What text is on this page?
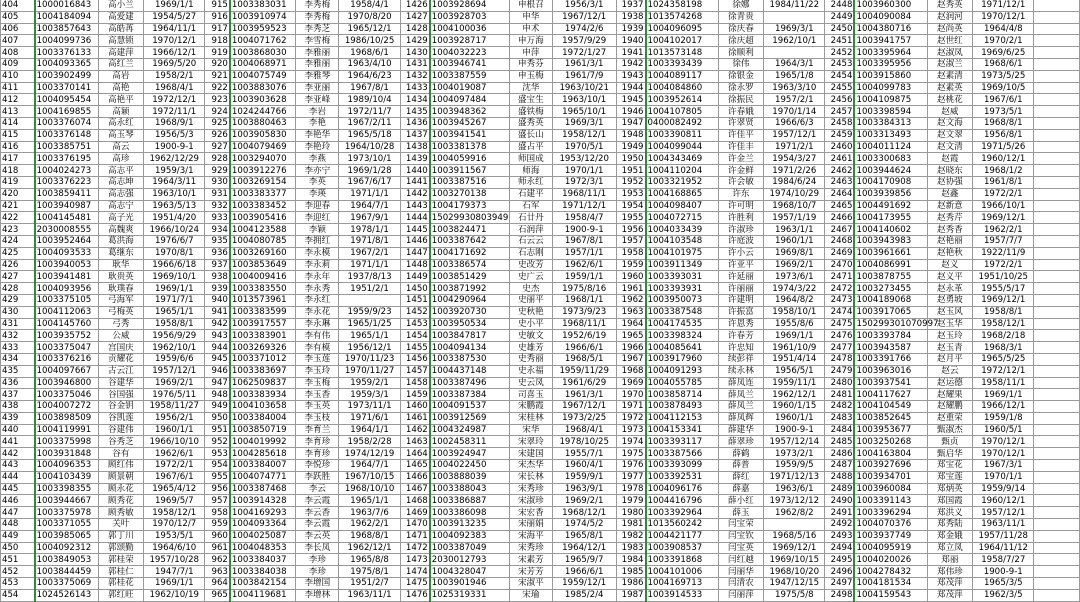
404	1000016843	高小兰	1969/1/1	915	1003383031	李秀梅	1958/4/1	1426	1003928694	申根召	1956/3/1	1937	1024358198	徐娜	1984/11/22	2448	1003960300	赵秀英	1971/12/1	
405	1004184094	高爱建	1954/5/27	916	1003910974	李秀梅	1970/8/20	1427	1003928703	申华	1967/12/1	1938	1013574268	徐青贵		2449	1004090084	赵润河	1970/12/1	
406	1003857643	高皓苒	1964/11/1	917	1003959523	李秀芝	1965/12/1	1428	1004100036	申术	1974/2/6	1939	1004096095	徐庆春	1969/3/1	2450	1004380716	赵尚英	1964/4/8	
407	1004099736	高慧锁	1970/12/1	918	1004071762	李雪梅	1986/10/25	1429	1003928717	申万海	1957/9/29	1940	1004102017	徐庆超	1962/10/1	2451	1003941757	赵世红	1970/2/1	
408	1003376133	高建萍	1966/12/1	919	1003868030	李雅丽	1968/6/1	1430	1004032223	申萍	1972/1/27	1941	1013573148	徐顺利		2452	1003395964	赵淑凤	1969/6/25	
409	1004093365	高红兰	1969/5/20	920	1004068971	李雅丽	1963/4/10	1431	1003946741	申秀芬	1961/3/1	1942	1003393439	徐伟	1964/3/1	2453	1003395956	赵淑兰	1968/6/1	
410	1003902499	高岩	1958/2/1	921	1004075749	李雅琴	1964/6/23	1432	1003387559	申玉梅	1961/7/9	1943	1004089117	徐银金	1965/1/8	2454	1003915860	赵素清	1973/5/25	
411	1003370141	高艳	1968/4/1	922	1003883076	李亚丽	1967/8/1	1433	1004019087	沈华	1963/10/21	1944	1004084860	徐永罗	1963/3/10	2455	1004099783	赵素英	1969/10/5	
412	1004095454	高艳平	1972/12/1	923	1003903628	李亚峰	1989/10/4	1434	1004097484	盛宝生	1963/10/1	1945	1003952614	徐振民	1957/2/1	2456	1004109875	赵桃花	1967/6/1	
413	1004169855	高颖	1972/11/1	924	1024244766	李岩	1972/11/7	1435	1003948362	盛铁梅	1965/10/1	1946	1004107805	许春娥	1970/1/14	2457	1003398594	赵威	1973/5/1	
414	1003376074	高永红	1968/9/1	925	1003880463	李艳	1967/2/11	1436	1003945267	盛秀英	1969/3/1	1947	0400082492	许翠贤	1966/6/3	2458	1003384313	赵文海	1968/8/1	
415	1003376148	高玉琴	1956/5/3	926	1003905830	李艳华	1965/5/18	1437	1003941541	盛长山	1958/12/1	1948	1003390811	许佳平	1957/12/1	2459	1003313493	赵文翠	1956/8/1	
416	1003385751	高云	1900-9-1	927	1004079469	李艳玲	1964/10/28	1438	1003381378	盛占平	1970/5/1	1949	1004099044	许佳丰	1971/2/1	2460	1004011124	赵文清	1971/5/26	
417	1003376195	高珍	1962/12/29	928	1003294070	李燕	1973/10/1	1439	1004059916	师国成	1953/12/20	1950	1004343469	许金兰	1954/3/27	2461	1003300683	赵霞	1960/12/1	
418	1004024273	高志平	1959/3/1	929	1003912276	李亦宁	1969/1/28	1440	1003911567	师海	1970/1/1	1951	1004110204	许金鲜	1971/2/26	2462	1003944624	赵晓东	1968/1/2	
419	1003376223	高志坤	1964/3/11	930	1003269154	李英	1967/6/17	1441	1003387516	师永红	1972/3/1	1952	1003321952	许会敏	1984/6/24	2463	1004170908	赵协强	1961/8/1	
420	1003859411	高志强	1963/10/1	931	1003383377	李瑛	1971/1/1	1442	1003270138	石建平	1968/11/1	1953	1004168865	许东	1974/10/29	2464	1003939856	赵鑫	1972/2/1	
421	1003940987	高志宁	1963/5/13	932	1003383452	李迎春	1964/7/1	1443	1004179373	石军	1971/12/1	1954	1004098407	许可明	1968/10/7	2465	1004491692	赵新意	1966/10/1	
422	1004145481	高子光	1951/4/20	933	1003905416	李迎红	1967/9/1	1444	15029930803949	石廿丹	1958/4/7	1955	1004072715	许胜利	1957/1/19	2466	1004173955	赵秀芹	1969/12/1	
423	2030008555	高魏爽	1966/10/24	934	1004123588	李颖	1978/1/1	1445	1003824471	石润萍	1900-9-1	1956	1004033439	许淑珍	1963/1/1	2467	1004140602	赵秀香	1962/2/1	
424	1003952464	葛洪海	1976/6/7	935	1004080785	李拥红	1971/8/1	1446	1003387642	石云云	1967/8/1	1957	1004103548	许庭波	1960/1/1	2468	1003943983	赵艳丽	1957/7/7	
425	1004093533	葛继东	1970/8/1	936	1003269160	李永模	1967/2/1	1447	1004171692	石志刚	1957/1/1	1958	1004101975	许小云	1969/8/1	2469	1003961661	赵艳秋	1922/11/9	
426	1003940053	耿华	1966/6/18	937	1003853649	李永莉	1971/1/1	1448	1003386574	史改芳	1962/6/1	1959	1003911349	许亚平	1969/2/1	2470	1004086991	赵义	1972/2/1	
427	1003941481	耿贵英	1969/10/1	938	1004009416	李永年	1937/8/13	1449	1003851429	史广云	1959/1/1	1960	1003393031	许延丽	1973/6/1	2471	1003878755	赵义平	1951/10/25	
428	1004093956	耿璞春	1969/1/1	939	1003383550	李永秀	1951/2/1	1450	1003871992	史杰	1975/8/16	1961	1003393931	许丽丽	1974/3/22	2472	1003273455	赵永革	1955/5/17	
429	1003375105	弓海军	1971/7/1	940	1013573961	李永红		1451	1004290964	史丽平	1968/1/1	1962	1003950073	许建明	1964/8/2	2473	1004189068	赵勇坡	1969/12/1	
430	1004112063	弓梅英	1965/1/1	941	1003383599	李永花	1959/9/23	1452	1003920730	史秋艳	1973/9/23	1963	1003387548	许振富	1958/10/1	2474	1003917065	赵玉风	1958/8/1	
431	1004145760	弓秀	1958/8/1	942	1003917557	李永琳	1965/1/25	1453	1003950534	史小平	1968/11/1	1964	1004174535	许恩秀	1955/8/6	2475	150299301070997	赵玉华	1958/12/1	
432	1003935752	公威	1956/9/29	943	1003383901	李有伟	1965/1/1	1454	1003847817	史敏文	1952/6/19	1965	1003398324	许春芳	1969/1/1	2476	1003393784	赵玉玲	1968/2/18	
433	1003375047	宫国庆	1962/10/1	944	1003269326	李有模	1956/12/1	1455	1004094134	史雄芳	1966/6/1	1966	1004085641	许忠知	1961/10/9	2477	1003943587	赵玉青	1968/3/1	
434	1003376216	贡耀花	1959/6/6	945	1003371012	李玉莲	1970/11/23	1456	1003387530	史秀丽	1968/5/1	1967	1003917960	续彭祥	1951/4/14	2478	1003391766	赵月平	1965/5/25	
435	1004097667	古云江	1957/12/1	946	1003383697	李玉玲	1970/11/27	1457	1004437148	史永福	1959/11/29	1968	1004091293	续永林	1956/5/1	2479	1003963016	赵云	1972/12/1	
436	1003946800	谷建华	1969/2/1	947	1062509837	李玉梅	1959/2/1	1458	1003387496	史云凤	1961/6/29	1969	1004055785	薛凤连	1959/11/1	2480	1003937541	赵运德	1958/11/1	
437	1003375046	谷国强	1976/5/11	948	1003383934	李玉香	1959/3/1	1459	1003387384	司喜玉	1961/3/1	1970	1003858714	薛凤兰	1962/12/1	2481	1004117627	赵耀果	1969/1/1	
438	1004007272	谷金钥	1958/11/27	949	1004103658	李玉英	1973/11/1	1460	1004091537	宋鹏霞	1967/12/1	1971	1003878493	薛凤兰	1960/1/15	2482	1004104549	赵耀鹏	1966/12/1	
439	1003898509	谷凯莲	1956/2/1	950	1003384004	李玉枝	1971/6/1	1461	1003912569	宋桂林	1973/2/25	1972	1004112153	薛凤辉	1960/1/1	2483	1003852645	赵重荣	1959/1/8	
440	1004119991	谷建伟	1960/1/1	951	1003850719	李育兰	1964/1/1	1462	1004324987	宋华	1968/4/1	1973	1004153341	薛建华	1900-9-1	2484	1003953677	甄淑杰	1960/5/1	
441	1003375998	谷秀芝	1966/10/10	952	1004019992	李育珍	1958/2/28	1463	1002458311	宋翠玲	1978/10/25	1974	1003393117	薛翠珍	1957/12/14	2485	1003250268	甄贞	1970/12/1	
442	1003931848	谷有	1962/6/1	953	1004285618	李育珍	1974/12/19	1464	1003924947	宋建国	1955/7/1	1975	1003387566	薛鹤	1973/2/1	2486	1004163804	甄启华	1970/12/1	
443	1004096353	顾红伟	1972/2/1	954	1003384007	李悦珍	1964/7/1	1465	1004022450	宋杰华	1960/4/1	1976	1003393099	薛普	1959/9/5	2487	1003927696	郑宝花	1967/3/1	
444	1004103439	顾景朝	1967/6/1	955	1004074771	李跃胜	1967/10/15	1466	1003888039	宋长林	1959/9/1	1977	1003392531	薛红	1971/12/13	2488	1003934701	郑宝莲	1970/1/1	
445	1003398355	顾永花	1965/4/12	956	1003387468	李云	1968/10/10	1467	1003388043	宋秀珍	1963/9/1	1978	1004096176	薛嘉	1963/6/1	2489	1003960084	郑炳英	1959/9/14	
446	1003944667	顾秀花	1969/5/7	957	1003914328	李云霞	1965/1/1	1468	1003386887	宋淑珍	1969/2/1	1979	1004416796	薛小红	1973/12/12	2490	1003391143	郑国霞	1960/12/1	
447	1003375978	顾秀敏	1958/12/1	958	1004169293	李云香	1963/7/6	1469	1003386098	宋宏香	1968/12/1	1980	1003392964	薛玉	1962/8/2	2491	1003396294	郑洪义	1957/12/1	
448	1003371055	关叶	1970/12/7	959	1004093364	李云霞	1962/2/1	1470	1003913235	宋丽娟	1974/5/2	1981	1013560242	闫宝荣		2492	1004070376	郑秀陆	1963/11/1	
449	1003985065	郭丁川	1953/5/1	960	1004025087	李云英	1968/8/1	1471	1004092383	宋海平	1965/8/1	1982	1004421177	闫宝钦	1968/5/16	2493	1003937749	郑金娥	1957/11/28	
450	1004092312	郭颂勤	1964/6/10	961	1004048353	李长凤	1962/12/1	1472	1003387049	宋秀珍	1964/12/1	1983	1003908537	闫宝英	1969/12/1	2494	1004095919	郑立凤	1964/11/12	
451	1003849053	郭桂荣	1957/10/28	962	1003384037	李珍	1965/8/8	1473	2030012793	宋素芳	1965/9/7	1984	1003391868	闫红越	1969/10/15	2495	1004020026	郑丽	1958/7/27	
452	1003844459	郭桂仁	1947/7/1	963	1003384038	李珍	1975/8/1	1474	1004328047	宋芳芳	1966/6/1	1985	1004101006	闫丽华	1968/10/20	2496	1004278432	郑伟珍	1900-9-1	
453	1003375069	郭桂花	1969/1/1	964	1003842154	李增国	1951/2/7	1475	1003901946	宋淑平	1959/12/1	1986	1004169713	闫清农	1947/12/15	2497	1004181534	郑茂萍	1965/3/5	
454	1024526143	郭红旺	1962/10/19	965	1004119681	李增林	1963/11/1	1476	1025319331	宋瑜	1985/2/4	1987	1003914533	闫丽萍	1975/5/8	2498	1004159543	郑茂萍	1962/3/5	
